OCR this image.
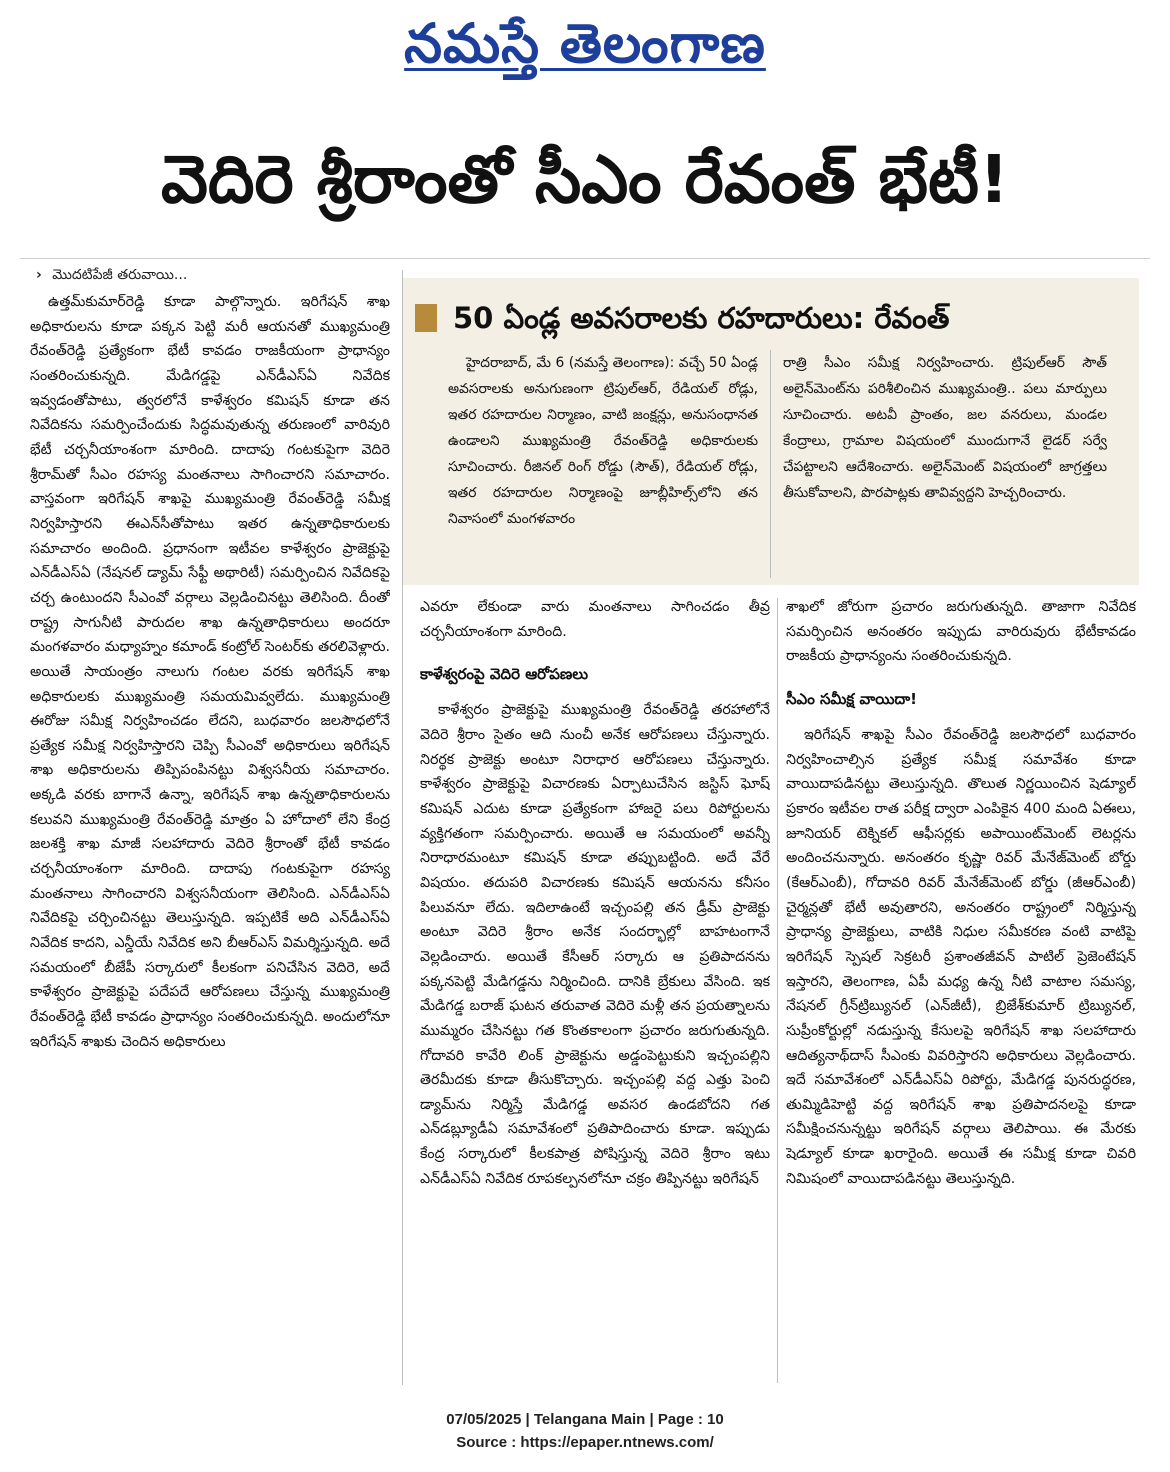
నమస్తే తెలంగాణ
వెదిరె శ్రీరాంతో సీఎం రేవంత్ భేటీ!
› మొదటిపేజీ తరువాయి...

ఉత్తమ్‌కుమార్‌రెడ్డి కూడా పాల్గొన్నారు. ఇరిగేషన్ శాఖ అధికారులను కూడా పక్కన పెట్టి మరీ ఆయనతో ముఖ్యమంత్రి రేవంత్‌రెడ్డి ప్రత్యేకంగా భేటీ కావడం రాజకీయంగా ప్రాధాన్యం సంతరించుకున్నది. మేడిగడ్డపై ఎన్‌డీఎస్‌ఏ నివేదిక ఇవ్వడంతోపాటు, త్వరలోనే కాళేశ్వరం కమిషన్ కూడా తన నివేదికను సమర్పించేందుకు సిద్ధమవుతున్న తరుణంలో వారివురి భేటీ చర్చనీయాంశంగా మారింది. దాదాపు గంటకుపైగా వెదిరె శ్రీరామ్‌తో సీఎం రహస్య మంతనాలు సాగించారని సమాచారం. వాస్తవంగా ఇరిగేషన్ శాఖపై ముఖ్యమంత్రి రేవంత్‌రెడ్డి సమీక్ష నిర్వహిస్తారని ఈఎన్‌సీతోపాటు ఇతర ఉన్నతాధికారులకు సమాచారం అందింది. ప్రధానంగా ఇటీవల కాళేశ్వరం ప్రాజెక్టుపై ఎన్‌డీఎస్‌ఏ (నేషనల్ డ్యామ్ సేఫ్టీ అథారిటీ) సమర్పించిన నివేదికపై చర్చ ఉంటుందని సీఎంవో వర్గాలు వెల్లడించినట్టు తెలిసింది. దీంతో రాష్ట్ర సాగునీటి పారుదల శాఖ ఉన్నతాధికారులు అందరూ మంగళవారం మధ్యాహ్నం కమాండ్ కంట్రోల్ సెంటర్‌కు తరలివెళ్లారు. అయితే సాయంత్రం నాలుగు గంటల వరకు ఇరిగేషన్ శాఖ అధికారులకు ముఖ్యమంత్రి సమయమివ్వలేదు. ముఖ్యమంత్రి ఈరోజు సమీక్ష నిర్వహించడం లేదని, బుధవారం జలసౌధలోనే ప్రత్యేక సమీక్ష నిర్వహిస్తారని చెప్పి సీఎంవో అధికారులు ఇరిగేషన్ శాఖ అధికారులను తిప్పిపంపినట్టు విశ్వసనీయ సమాచారం. అక్కడి వరకు బాగానే ఉన్నా, ఇరిగేషన్ శాఖ ఉన్నతాధికారులను కలువని ముఖ్యమంత్రి రేవంత్‌రెడ్డి మాత్రం ఏ హోదాలో లేని కేంద్ర జలశక్తి శాఖ మాజీ సలహాదారు వెదిరె శ్రీరాంతో భేటీ కావడం చర్చనీయాంశంగా మారింది. దాదాపు గంటకుపైగా రహస్య మంతనాలు సాగించారని విశ్వసనీయంగా తెలిసింది. ఎన్‌డీఎస్‌ఏ నివేదికపై చర్చించినట్టు తెలుస్తున్నది. ఇప్పటికే అది ఎన్‌డీఎస్‌ఏ నివేదిక కాదని, ఎన్డీయే నివేదిక అని బీఆర్‌ఎస్ విమర్శిస్తున్నది. అదే సమయంలో బీజేపీ సర్కారులో కీలకంగా పనిచేసిన వెదిరె, అదే కాళేశ్వరం ప్రాజెక్టుపై పదేపదే ఆరోపణలు చేస్తున్న ముఖ్యమంత్రి రేవంత్‌రెడ్డి భేటీ కావడం ప్రాధాన్యం సంతరించుకున్నది. అందులోనూ ఇరిగేషన్ శాఖకు చెందిన అధికారులు

50 ఏండ్ల అవసరాలకు రహదారులు: రేవంత్

హైదరాబాద్, మే 6 (నమస్తే తెలంగాణ): వచ్చే 50 ఏండ్ల అవసరాలకు అనుగుణంగా ట్రిపుల్‌ఆర్, రేడియల్ రోడ్లు, ఇతర రహదారుల నిర్మాణం, వాటి జంక్షన్లు, అనుసంధానత ఉండాలని ముఖ్యమంత్రి రేవంత్‌రెడ్డి అధికారులకు సూచించారు. రీజినల్ రింగ్ రోడ్డు (సౌత్), రేడియల్ రోడ్లు, ఇతర రహదారుల నిర్మాణంపై జూబ్లీహిల్స్‌లోని తన నివాసంలో మంగళవారం

రాత్రి సీఎం సమీక్ష నిర్వహించారు. ట్రిపుల్‌ఆర్ సౌత్ అలైన్‌మెంట్‌ను పరిశీలించిన ముఖ్యమంత్రి.. పలు మార్పులు సూచించారు. అటవీ ప్రాంతం, జల వనరులు, మండల కేంద్రాలు, గ్రామాల విషయంలో ముందుగానే లైడర్ సర్వే చేపట్టాలని ఆదేశించారు. అలైన్‌మెంట్ విషయంలో జాగ్రత్తలు తీసుకోవాలని, పొరపాట్లకు తావివ్వద్దని హెచ్చరించారు.

ఎవరూ లేకుండా వారు మంతనాలు సాగించడం తీవ్ర చర్చనీయాంశంగా మారింది.

కాళేశ్వరంపై వెదిరె ఆరోపణలు

కాళేశ్వరం ప్రాజెక్టుపై ముఖ్యమంత్రి రేవంత్‌రెడ్డి తరహాలోనే వెదిరె శ్రీరాం సైతం ఆది నుంచీ అనేక ఆరోపణలు చేస్తున్నారు. నిరర్థక ప్రాజెక్టు అంటూ నిరాధార ఆరోపణలు చేస్తున్నారు. కాళేశ్వరం ప్రాజెక్టుపై విచారణకు ఏర్పాటుచేసిన జస్టిస్ ఘోష్ కమిషన్ ఎదుట కూడా ప్రత్యేకంగా హాజరై పలు రిపోర్టులను వ్యక్తిగతంగా సమర్పించారు. అయితే ఆ సమయంలో అవన్నీ నిరాధారమంటూ కమిషన్ కూడా తప్పుబట్టింది. అదే వేరే విషయం. తదుపరి విచారణకు కమిషన్ ఆయనను కనీసం పిలువనూ లేదు. ఇదిలాఉంటే ఇచ్చంపల్లి తన డ్రీమ్ ప్రాజెక్టు అంటూ వెదిరె శ్రీరాం అనేక సందర్భాల్లో బాహటంగానే వెల్లడించారు. అయితే కేసీఆర్ సర్కారు ఆ ప్రతిపాదనను పక్కనపెట్టి మేడిగడ్డను నిర్మించింది. దానికి బ్రేకులు వేసింది. ఇక మేడిగడ్డ బరాజ్ ఘటన తరువాత వెదిరె మళ్లీ తన ప్రయత్నాలను ముమ్మరం చేసినట్టు గత కొంతకాలంగా ప్రచారం జరుగుతున్నది. గోదావరి కావేరి లింక్ ప్రాజెక్టును అడ్డంపెట్టుకుని ఇచ్చంపల్లిని తెరమీదకు కూడా తీసుకొచ్చారు. ఇచ్చంపల్లి వద్ద ఎత్తు పెంచి డ్యామ్‌ను నిర్మిస్తే మేడిగడ్డ అవసర ఉండబోదని గత ఎన్‌డబ్ల్యూడీఏ సమావేశంలో ప్రతిపాదించారు కూడా. ఇప్పుడు కేంద్ర సర్కారులో కీలకపాత్ర పోషిస్తున్న వెదిరె శ్రీరాం ఇటు ఎన్‌డీఎస్‌ఏ నివేదిక రూపకల్పనలోనూ చక్రం తిప్పినట్టు ఇరిగేషన్

శాఖలో జోరుగా ప్రచారం జరుగుతున్నది. తాజాగా నివేదిక సమర్పించిన అనంతరం ఇప్పుడు వారిరువురు భేటీకావడం రాజకీయ ప్రాధాన్యంను సంతరించుకున్నది.

సీఎం సమీక్ష వాయిదా!

ఇరిగేషన్ శాఖపై సీఎం రేవంత్‌రెడ్డి జలసౌధలో బుధవారం నిర్వహించాల్సిన ప్రత్యేక సమీక్ష సమావేశం కూడా వాయిదాపడినట్టు తెలుస్తున్నది. తొలుత నిర్ణయించిన షెడ్యూల్ ప్రకారం ఇటీవల రాత పరీక్ష ద్వారా ఎంపికైన 400 మంది ఏఈలు, జూనియర్ టెక్నికల్ ఆఫీసర్లకు అపాయింట్‌మెంట్ లెటర్లను అందించనున్నారు. అనంతరం కృష్ణా రివర్ మేనేజ్‌మెంట్ బోర్డు (కేఆర్‌ఎంబీ), గోదావరి రివర్ మేనేజ్‌మెంట్ బోర్డు (జీఆర్‌ఎంబీ) చైర్మన్లతో భేటీ అవుతారని, అనంతరం రాష్ట్రంలో నిర్మిస్తున్న ప్రాధాన్య ప్రాజెక్టులు, వాటికి నిధుల సమీకరణ వంటి వాటిపై ఇరిగేషన్ స్పెషల్ సెక్రటరీ ప్రశాంతజీవన్ పాటిల్ ప్రెజెంటేషన్ ఇస్తారని, తెలంగాణ, ఏపీ మధ్య ఉన్న నీటి వాటాల సమస్య, నేషనల్ గ్రీన్‌ట్రిబ్యునల్ (ఎన్‌జీటీ), బ్రిజేశ్‌కుమార్ ట్రిబ్యునల్, సుప్రీంకోర్టుల్లో నడుస్తున్న కేసులపై ఇరిగేషన్ శాఖ సలహాదారు ఆదిత్యనాథ్‌దాస్ సీఎంకు వివరిస్తారని అధికారులు వెల్లడించారు. ఇదే సమావేశంలో ఎన్‌డీఎస్‌ఏ రిపోర్టు, మేడిగడ్డ పునరుద్ధరణ, తుమ్మిడిహెట్టి వద్ద ఇరిగేషన్ శాఖ ప్రతిపాదనలపై కూడా సమీక్షించనున్నట్టు ఇరిగేషన్ వర్గాలు తెలిపాయి. ఈ మేరకు షెడ్యూల్ కూడా ఖరారైంది. అయితే ఈ సమీక్ష కూడా చివరి నిమిషంలో వాయిదాపడినట్టు తెలుస్తున్నది.

07/05/2025 | Telangana Main | Page : 10
Source : https://epaper.ntnews.com/
